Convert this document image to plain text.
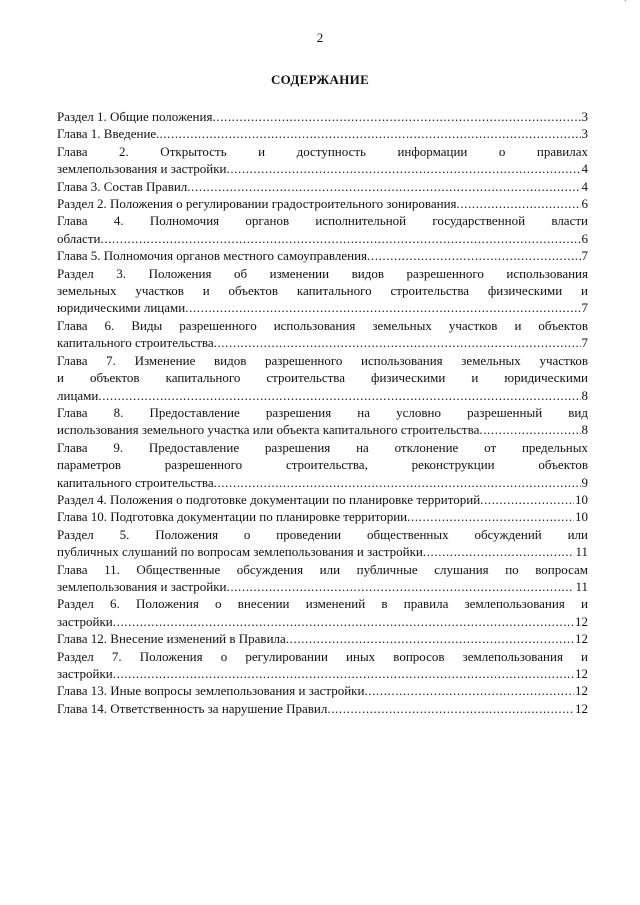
'
2
СОДЕРЖАНИЕ
Раздел 1. Общие положения .....	3
Глава 1. Введение. .....	3
Глава 2. Открытость и доступность информации о правилах
землепользования и застройки .....	4
Глава 3. Состав Правил .....	4
Раздел 2. Положения о регулировании градостроительного зонирования .....	6
Глава 4. Полномочия органов исполнительной государственной власти
области .....	6
Глава 5. Полномочия органов местного самоуправления .....	7
Раздел 3. Положения об изменении видов разрешенного использования
земельных участков и объектов капитального строительства физическими и
юридическими лицами .....	7
Глава 6. Виды разрешенного использования земельных участков и объектов
капитального строительства .....	7
Глава 7. Изменение видов разрешенного использования земельных участков
и объектов капитального строительства физическими и юридическими
лицами .....	8
Глава 8. Предоставление разрешения на условно разрешенный вид
использования земельного участка или объекта капитального строительства .....	8
Глава 9. Предоставление разрешения на отклонение от предельных
параметров разрешенного строительства, реконструкции объектов
капитального строительства .....	9
Раздел 4. Положения о подготовке документации по планировке территорий .....	10
Глава 10. Подготовка документации по планировке территории .....	10
Раздел 5. Положения о проведении общественных обсуждений или
публичных слушаний по вопросам землепользования и застройки .....	11
Глава 11. Общественные обсуждения или публичные слушания по вопросам
землепользования и застройки .....	11
Раздел 6. Положения о внесении изменений в правила землепользования и
застройки .....	12
Глава 12. Внесение изменений в Правила .....	12
Раздел 7. Положения о регулировании иных вопросов землепользования и
застройки .....	12
Глава 13. Иные вопросы землепользования и застройки .....	12
Глава 14. Ответственность за нарушение Правил .....	12
